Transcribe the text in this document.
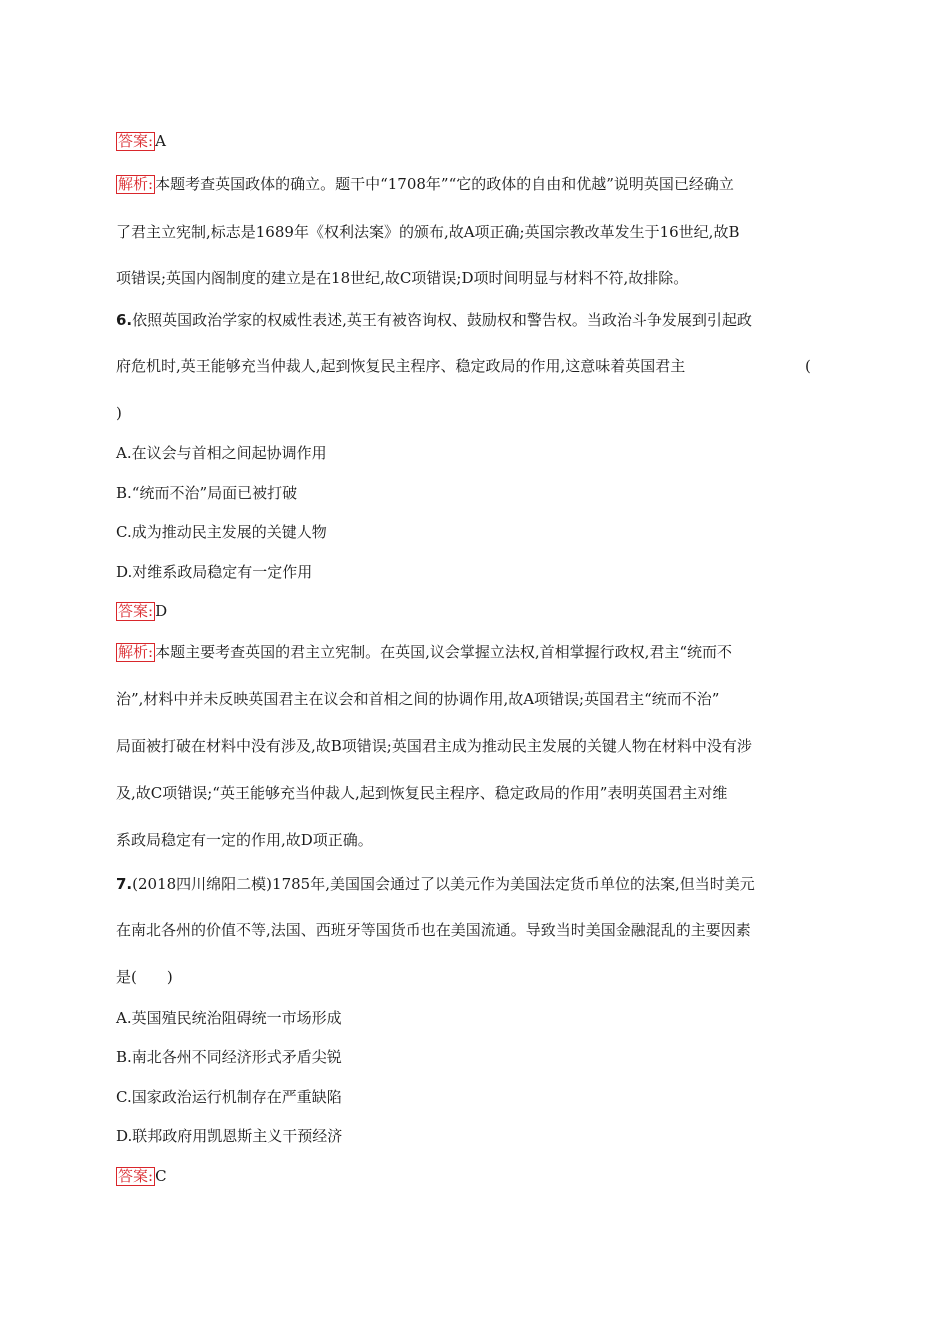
答案: A
解析: 本题考查英国政体的确立。题干中“1708年”“它的政体的自由和优越”说明英国已经确立
了君主立宪制,标志是1689年《权利法案》的颁布,故A项正确;英国宗教改革发生于16世纪,故B
项错误;英国内阁制度的建立是在18世纪,故C项错误;D项时间明显与材料不符,故排除。
6.依照英国政治学家的权威性表述,英王有被咨询权、鼓励权和警告权。当政治斗争发展到引起政
府危机时,英王能够充当仲裁人,起到恢复民主程序、稳定政局的作用,这意味着英国君主	(
)
A.在议会与首相之间起协调作用
B.“统而不治”局面已被打破
C.成为推动民主发展的关键人物
D.对维系政局稳定有一定作用
答案: D
解析: 本题主要考查英国的君主立宪制。在英国,议会掌握立法权,首相掌握行政权,君主“统而不
治”,材料中并未反映英国君主在议会和首相之间的协调作用,故A项错误;英国君主“统而不治”
局面被打破在材料中没有涉及,故B项错误;英国君主成为推动民主发展的关键人物在材料中没有涉
及,故C项错误;“英王能够充当仲裁人,起到恢复民主程序、稳定政局的作用”表明英国君主对维
系政局稳定有一定的作用,故D项正确。
7.(2018四川绵阳二模)1785年,美国国会通过了以美元作为美国法定货币单位的法案,但当时美元
在南北各州的价值不等,法国、西班牙等国货币也在美国流通。导致当时美国金融混乱的主要因素
是(　　)
A.英国殖民统治阻碍统一市场形成
B.南北各州不同经济形式矛盾尖锐
C.国家政治运行机制存在严重缺陷
D.联邦政府用凯恩斯主义干预经济
答案: C
